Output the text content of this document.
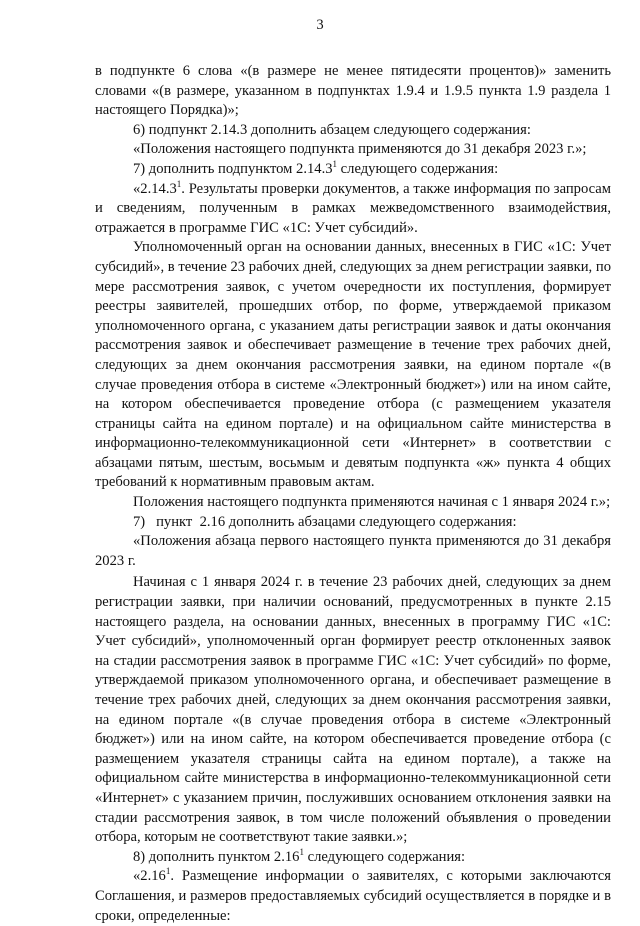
3

в подпункте 6 слова «(в размере не менее пятидесяти процентов)» заменить словами «(в размере, указанном в подпунктах 1.9.4 и 1.9.5 пункта 1.9 раздела 1 настоящего Порядка)»;

6) подпункт 2.14.3 дополнить абзацем следующего содержания:

«Положения настоящего подпункта применяются до 31 декабря 2023 г.»;

7) дополнить подпунктом 2.14.3$^1$ следующего содержания:

«2.14.3$^1$. Результаты проверки документов, а также информация по запросам и сведениям, полученным в рамках межведомственного взаимодействия, отражается в программе ГИС «1С: Учет субсидий».

Уполномоченный орган на основании данных, внесенных в ГИС «1С: Учет субсидий», в течение 23 рабочих дней, следующих за днем регистрации заявки, по мере рассмотрения заявок, с учетом очередности их поступления, формирует реестры заявителей, прошедших отбор, по форме, утверждаемой приказом уполномоченного органа, с указанием даты регистрации заявок и даты окончания рассмотрения заявок и обеспечивает размещение в течение трех рабочих дней, следующих за днем окончания рассмотрения заявки, на едином портале «(в случае проведения отбора в системе «Электронный бюджет») или на ином сайте, на котором обеспечивается проведение отбора (с размещением указателя страницы сайта на едином портале) и на официальном сайте министерства в информационно-телекоммуникационной сети «Интернет» в соответствии с абзацами пятым, шестым, восьмым и девятым подпункта «ж» пункта 4 общих требований к нормативным правовым актам.

Положения настоящего подпункта применяются начиная с 1 января 2024 г.»;

7)   пункт  2.16 дополнить абзацами следующего содержания:

«Положения абзаца первого настоящего пункта применяются до 31 декабря 2023 г.

Начиная с 1 января 2024 г. в течение 23 рабочих дней, следующих за днем регистрации заявки, при наличии оснований, предусмотренных в пункте 2.15 настоящего раздела, на основании данных, внесенных в программу ГИС «1С: Учет субсидий», уполномоченный орган формирует реестр отклоненных заявок на стадии рассмотрения заявок в программе ГИС «1С: Учет субсидий» по форме, утверждаемой приказом уполномоченного органа, и обеспечивает размещение в течение трех рабочих дней, следующих за днем окончания рассмотрения заявки, на едином портале «(в случае проведения отбора в системе «Электронный бюджет») или на ином сайте, на котором обеспечивается проведение отбора (с размещением указателя страницы сайта на едином портале), а также на официальном сайте министерства в информационно-телекоммуникационной сети «Интернет» с указанием причин, послуживших основанием отклонения заявки на стадии рассмотрения заявок, в том числе положений объявления о проведении отбора, которым не соответствуют такие заявки.»;

8) дополнить пунктом 2.16$^1$ следующего содержания:

«2.16$^1$. Размещение информации о заявителях, с которыми заключаются Соглашения, и размеров предоставляемых субсидий осуществляется в порядке и в сроки, определенные:
